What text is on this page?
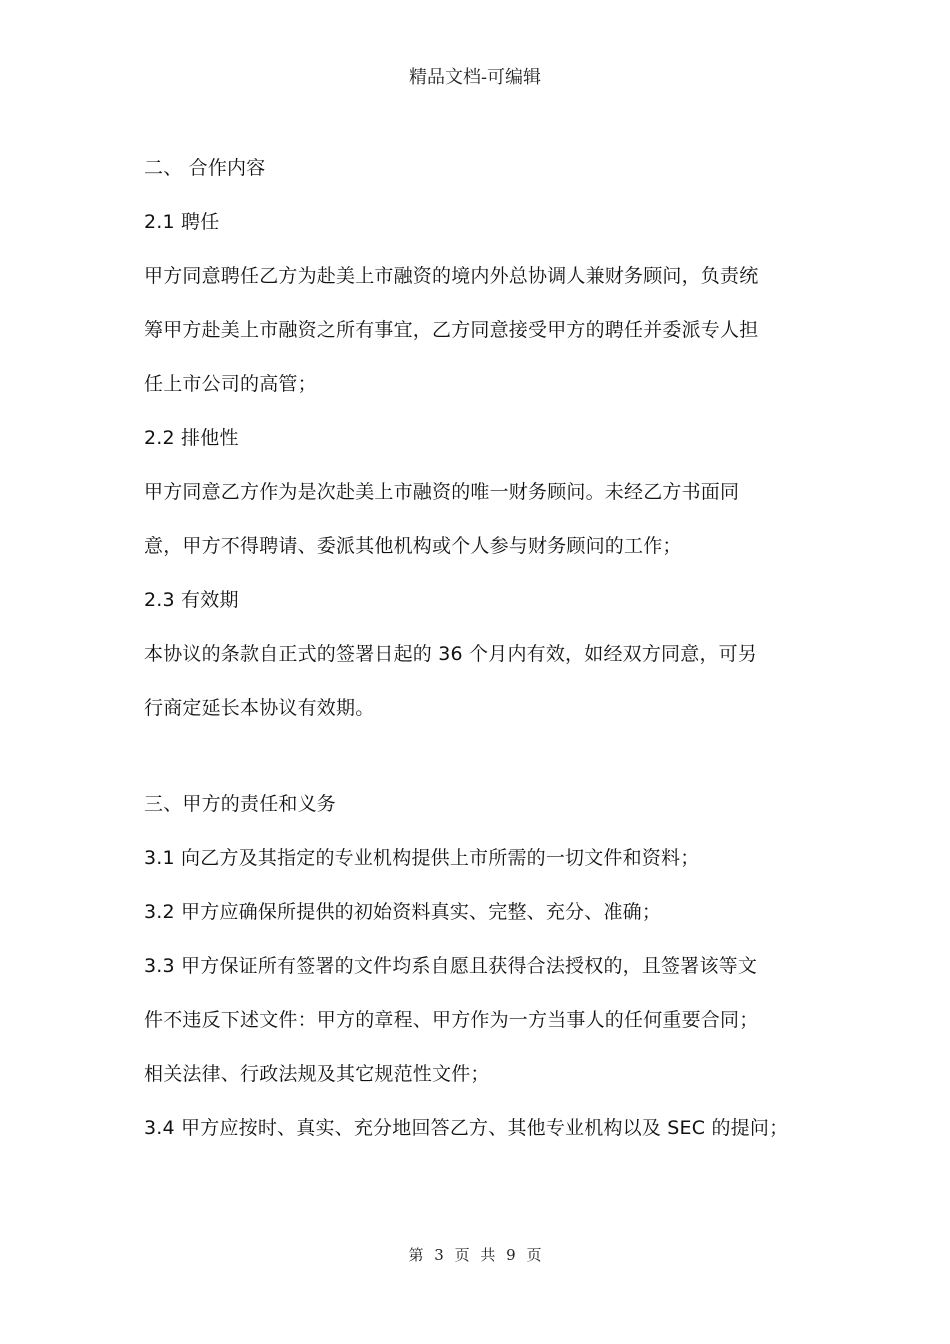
精品文档-可编辑
二、 合作内容
2.1 聘任
甲方同意聘任乙方为赴美上市融资的境内外总协调人兼财务顾问，负责统
筹甲方赴美上市融资之所有事宜，乙方同意接受甲方的聘任并委派专人担
任上市公司的高管；
2.2 排他性
甲方同意乙方作为是次赴美上市融资的唯一财务顾问。未经乙方书面同
意，甲方不得聘请、委派其他机构或个人参与财务顾问的工作；
2.3 有效期
本协议的条款自正式的签署日起的 36 个月内有效，如经双方同意，可另
行商定延长本协议有效期。
三、甲方的责任和义务
3.1 向乙方及其指定的专业机构提供上市所需的一切文件和资料；
3.2 甲方应确保所提供的初始资料真实、完整、充分、准确；
3.3 甲方保证所有签署的文件均系自愿且获得合法授权的，且签署该等文
件不违反下述文件：甲方的章程、甲方作为一方当事人的任何重要合同；
相关法律、行政法规及其它规范性文件；
3.4 甲方应按时、真实、充分地回答乙方、其他专业机构以及 SEC 的提问；
第 3 页 共 9 页
